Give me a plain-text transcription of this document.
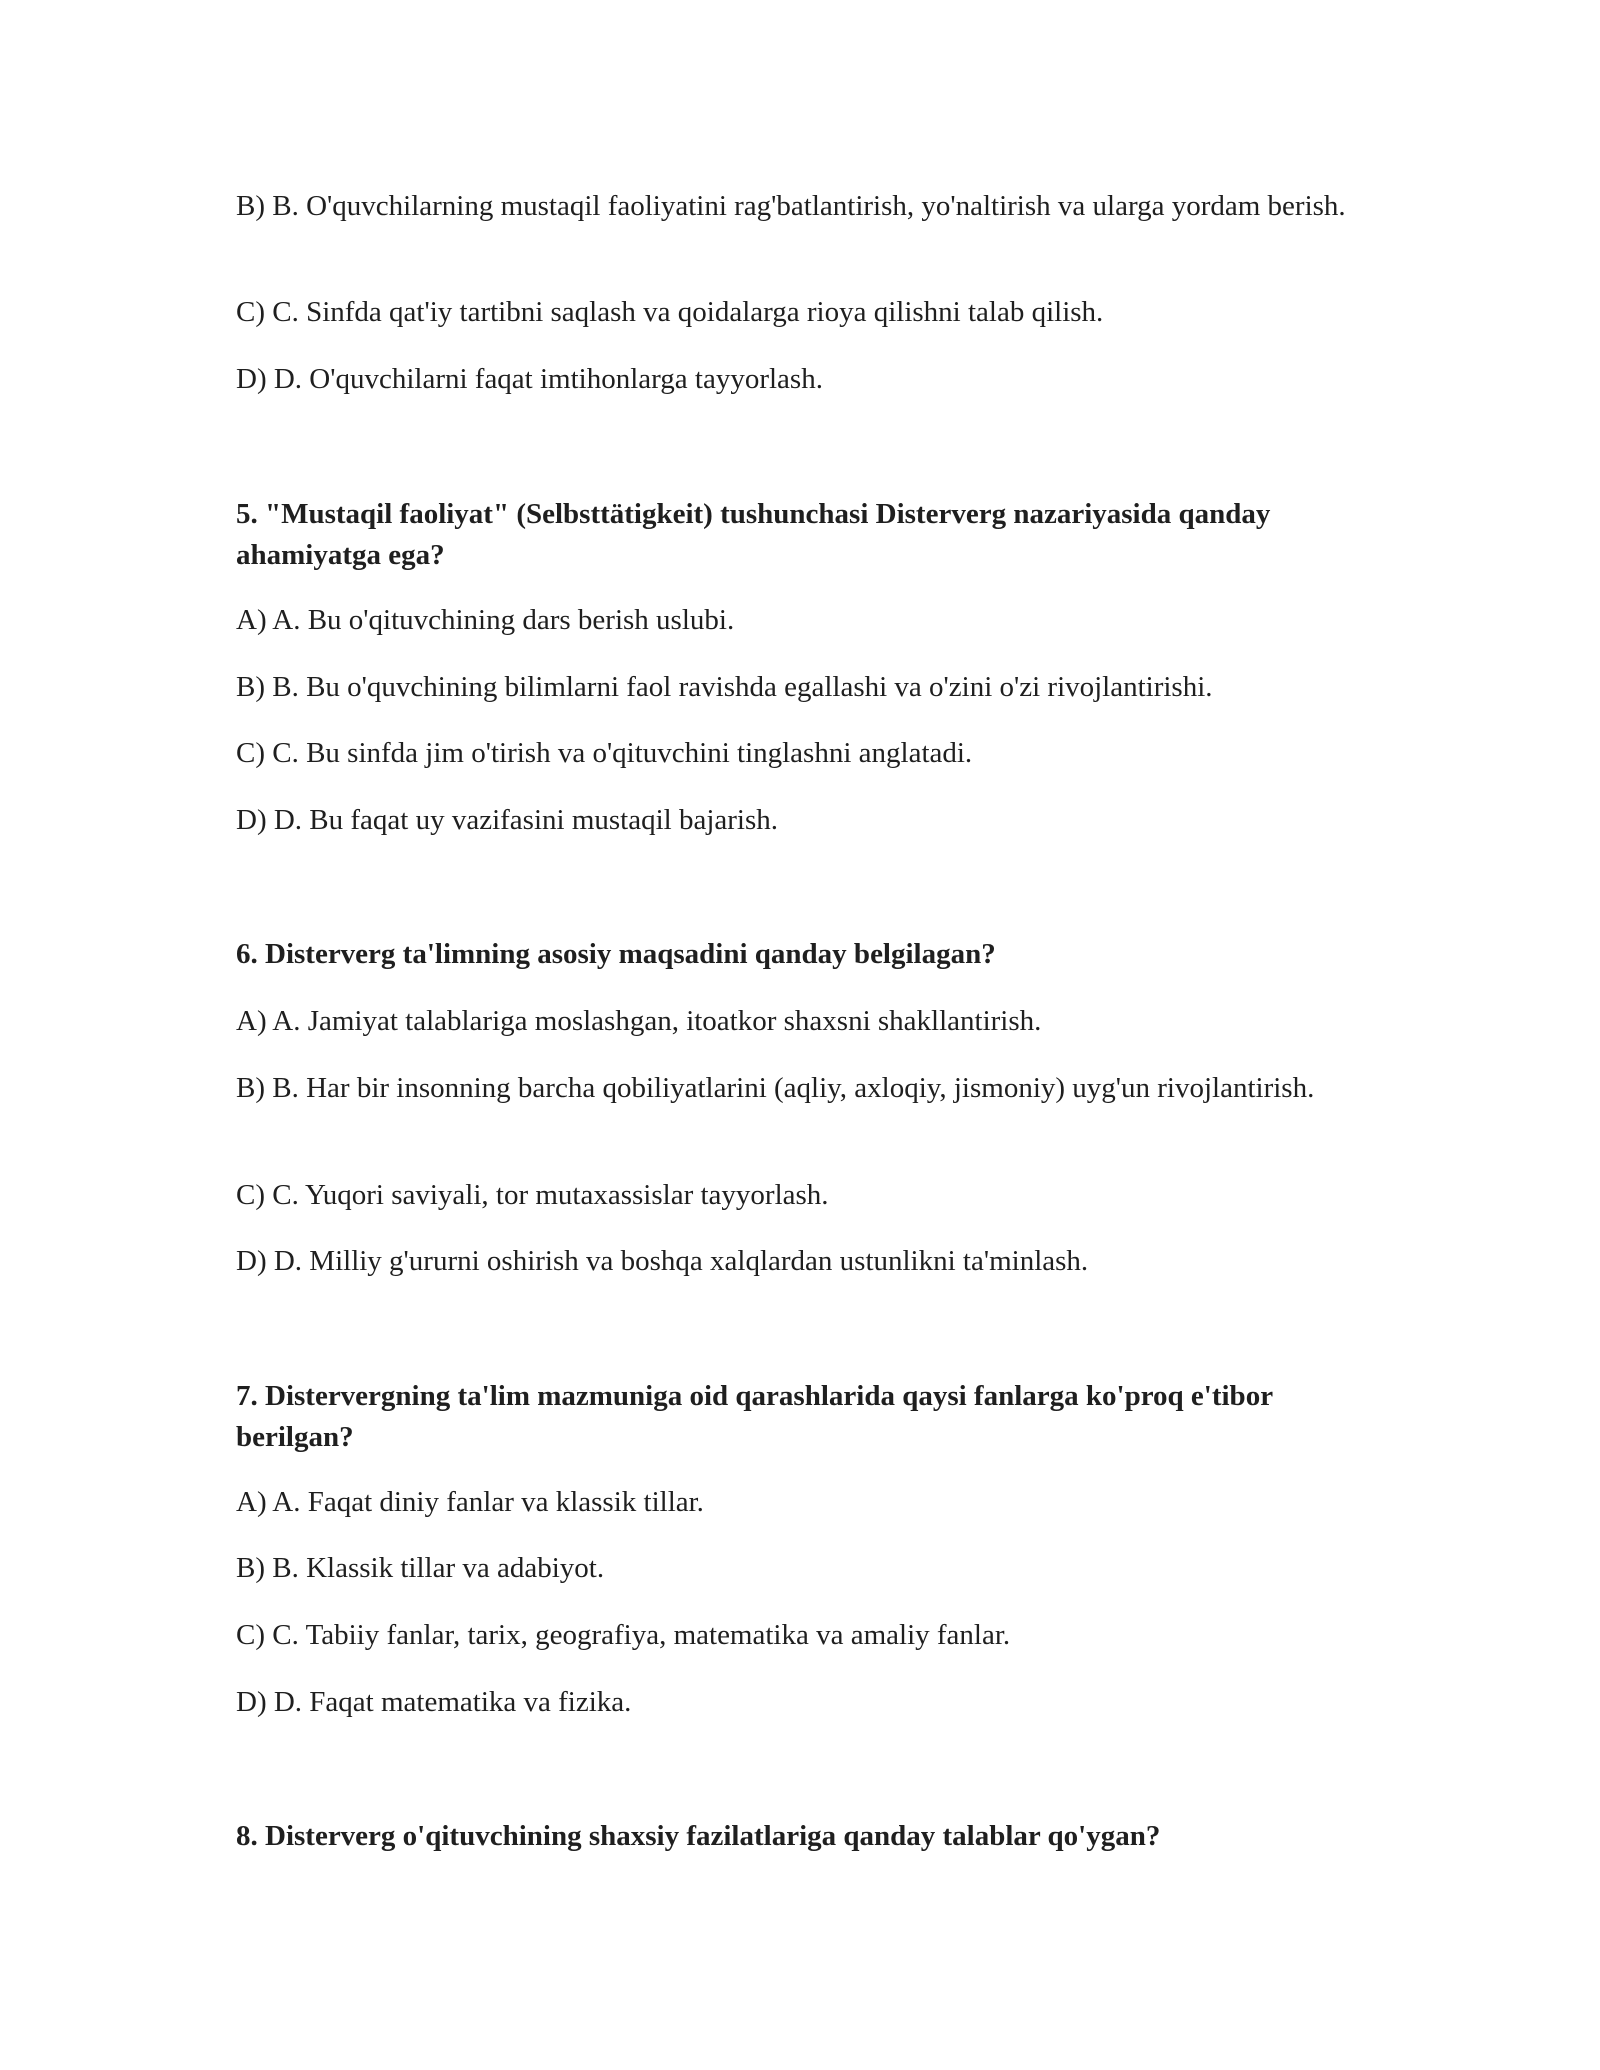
B) B. O'quvchilarning mustaqil faoliyatini rag'batlantirish, yo'naltirish va ularga yordam berish.

C) C. Sinfda qat'iy tartibni saqlash va qoidalarga rioya qilishni talab qilish.

D) D. O'quvchilarni faqat imtihonlarga tayyorlash.

5. "Mustaqil faoliyat" (Selbsttätigkeit) tushunchasi Disterverg nazariyasida qanday ahamiyatga ega?

A) A. Bu o'qituvchining dars berish uslubi.

B) B. Bu o'quvchining bilimlarni faol ravishda egallashi va o'zini o'zi rivojlantirishi.

C) C. Bu sinfda jim o'tirish va o'qituvchini tinglashni anglatadi.

D) D. Bu faqat uy vazifasini mustaqil bajarish.

6. Disterverg ta'limning asosiy maqsadini qanday belgilagan?

A) A. Jamiyat talablariga moslashgan, itoatkor shaxsni shakllantirish.

B) B. Har bir insonning barcha qobiliyatlarini (aqliy, axloqiy, jismoniy) uyg'un rivojlantirish.

C) C. Yuqori saviyali, tor mutaxassislar tayyorlash.

D) D. Milliy g'ururni oshirish va boshqa xalqlardan ustunlikni ta'minlash.

7. Distervergning ta'lim mazmuniga oid qarashlarida qaysi fanlarga ko'proq e'tibor berilgan?

A) A. Faqat diniy fanlar va klassik tillar.

B) B. Klassik tillar va adabiyot.

C) C. Tabiiy fanlar, tarix, geografiya, matematika va amaliy fanlar.

D) D. Faqat matematika va fizika.

8. Disterverg o'qituvchining shaxsiy fazilatlariga qanday talablar qo'ygan?
